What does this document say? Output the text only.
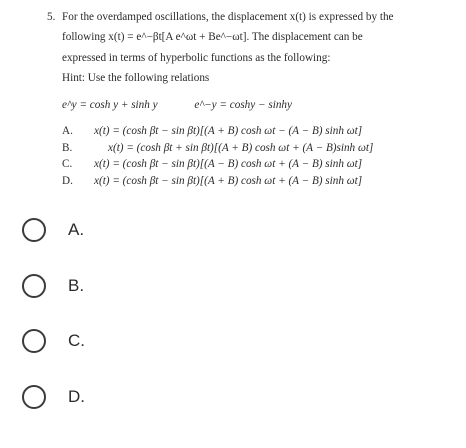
5. For the overdamped oscillations, the displacement x(t) is expressed by the
following x(t) = e^−βt[A e^ωt + Be^−ωt]. The displacement can be
expressed in terms of hyperbolic functions as the following:
Hint: Use the following relations
e^y = cosh y + sinh y	e^−y = coshy − sinhy
A.	x(t) = (cosh βt − sin βt)[(A + B) cosh ωt − (A − B) sinh ωt]
B.	x(t) = (cosh βt + sin βt)[(A + B) cosh ωt + (A − B)sinh ωt]
C.	x(t) = (cosh βt − sin βt)[(A − B) cosh ωt + (A − B) sinh ωt]
D.	x(t) = (cosh βt − sin βt)[(A + B) cosh ωt + (A − B) sinh ωt]
A.
B.
C.
D.
